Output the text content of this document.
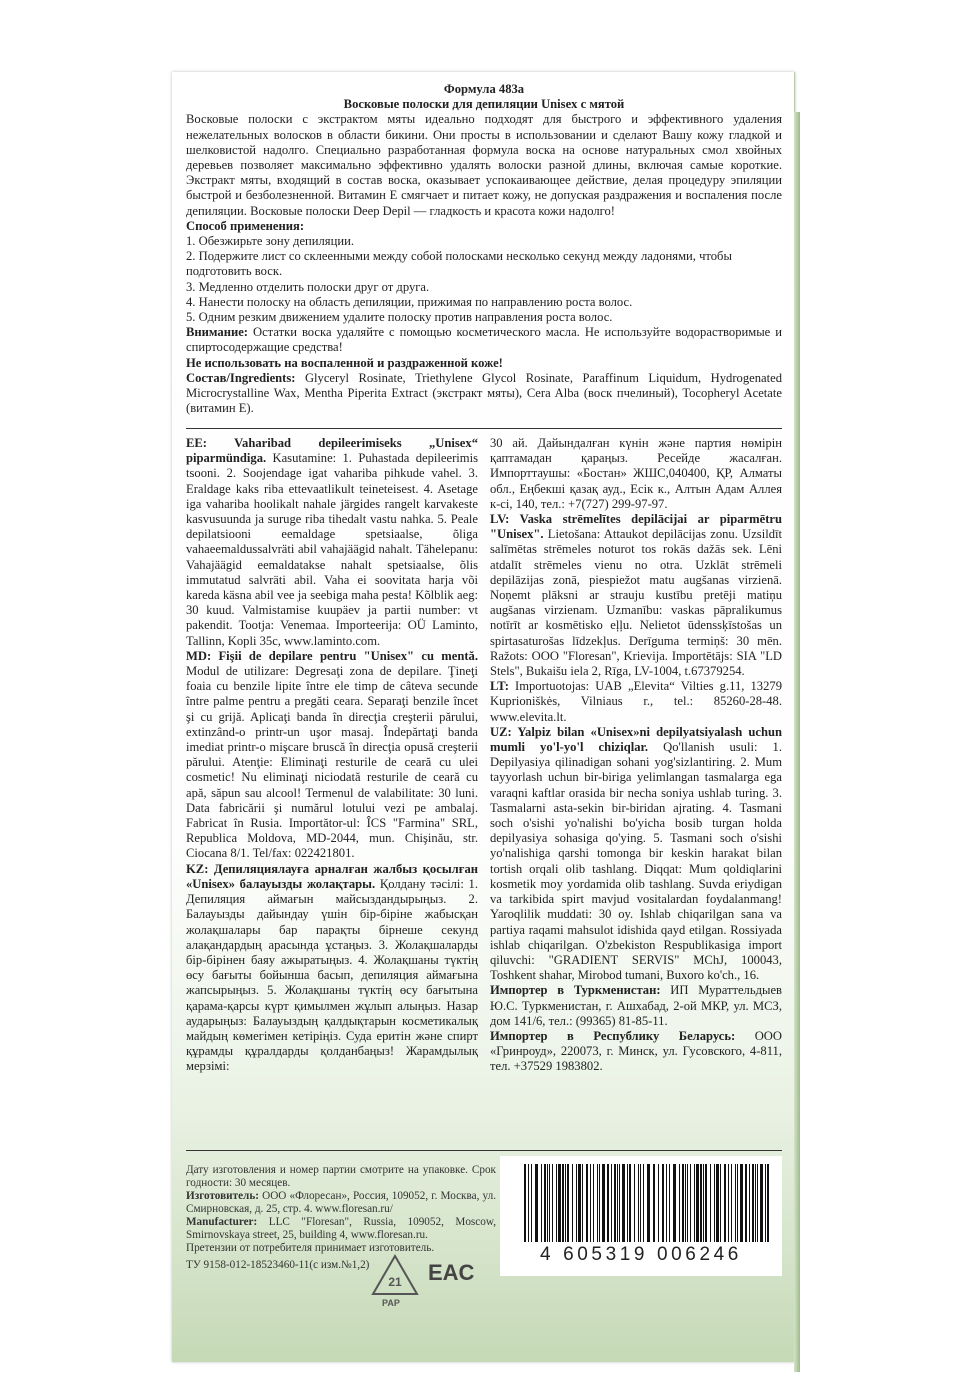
Формула 483а

Восковые полоски для депиляции Unisex с мятой

Восковые полоски с экстрактом мяты идеально подходят для быстрого и эффективного удаления нежелательных волосков в области бикини. Они просты в использовании и сделают Вашу кожу гладкой и шелковистой надолго. Специально разработанная формула воска на основе натуральных смол хвойных деревьев позволяет максимально эффективно удалять волоски разной длины, включая самые короткие. Экстракт мяты, входящий в состав воска, оказывает успокаивающее действие, делая процедуру эпиляции быстрой и безболезненной. Витамин Е смягчает и питает кожу, не допуская раздражения и воспаления после депиляции. Восковые полоски Deep Depil — гладкость и красота кожи надолго!

Способ применения:

1. Обезжирьте зону депиляции.

2. Подержите лист со склеенными между собой полосками несколько секунд между ладонями, чтобы подготовить воск.

3. Медленно отделить полоски друг от друга.

4. Нанести полоску на область депиляции, прижимая по направлению роста волос.

5. Одним резким движением удалите полоску против направления роста волос.

Внимание: Остатки воска удаляйте с помощью косметического масла. Не используйте водорастворимые и спиртосодержащие средства!

Не использовать на воспаленной и раздраженной коже!

Состав/Ingredients: Glyceryl Rosinate, Triethylene Glycol Rosinate, Paraffinum Liquidum, Hydrogenated Microcrystalline Wax, Mentha Piperita Extract (экстракт мяты), Cera Alba (воск пчелиный), Tocopheryl Acetate (витамин Е).

EE: Vaharibad depileerimiseks „Unisex“ piparmündiga. Kasutamine: 1. Puhastada depileerimis tsooni. 2. Soojendage igat vahariba pihkude vahel. 3. Eraldage kaks riba ettevaatlikult teineteisest. 4. Asetage iga vahariba hoolikalt nahale järgides rangelt karvakeste kasvusuunda ja suruge riba tihedalt vastu nahka. 5. Peale depilatsiooni eemaldage spetsiaalse, õliga vahaeemaldussalvräti abil vahajäägid nahalt. Tähelepanu: Vahajäägid eemaldatakse nahalt spetsiaalse, õlis immutatud salvräti abil. Vaha ei soovitata harja või kareda käsna abil vee ja seebiga maha pesta! Kõlblik aeg: 30 kuud. Valmistamise kuupäev ja partii number: vt pakendit. Tootja: Venemaa. Importeerija: OÜ Laminto, Tallinn, Kopli 35c, www.laminto.com.

MD: Fişii de depilare pentru "Unisex" cu mentă. Modul de utilizare: Degresaţi zona de depilare. Ţineţi foaia cu benzile lipite între ele timp de câteva secunde între palme pentru a pregăti ceara. Separaţi benzile încet şi cu grijă. Aplicaţi banda în direcţia creşterii părului, extinzând-o printr-un uşor masaj. Îndepărtaţi banda imediat printr-o mişcare bruscă în direcţia opusă creşterii părului. Atenţie: Eliminaţi resturile de ceară cu ulei cosmetic! Nu eliminaţi niciodată resturile de ceară cu apă, săpun sau alcool! Termenul de valabilitate: 30 luni. Data fabricării şi numărul lotului vezi pe ambalaj. Fabricat în Rusia. Importător-ul: ÎCS "Farmina" SRL, Republica Moldova, MD-2044, mun. Chişinău, str. Ciocana 8/1. Tel/fax: 022421801.

KZ: Депиляциялауға арналған жалбыз қосылған «Unisex» балауызды жолақтары. Қолдану тәсілі: 1. Депиляция аймағын майсыздандырыңыз. 2. Балауызды дайындау үшін бір-біріне жабысқан жолақшалары бар парақты бірнеше секунд алақандардың арасында ұстаңыз. 3. Жолақшаларды бір-бірінен баяу ажыратыңыз. 4. Жолақшаны түктің өсу бағыты бойынша басып, депиляция аймағына жапсырыңыз. 5. Жолақшаны түктің өсу бағытына қарама-қарсы күрт қимылмен жұлып алыңыз. Назар аударыңыз: Балауыздың қалдықтарын косметикалық майдың көмегімен кетіріңіз. Суда еритін және спирт құрамды құралдарды қолданбаңыз! Жарамдылық мерзімі:

30 ай. Дайындалған күнін және партия нөмірін қаптамадан қараңыз. Ресейде жасалған. Импорттаушы: «Бостан» ЖШС,040400, ҚР, Алматы обл., Еңбекші қазақ ауд., Есік к., Алтын Адам Аллея к-сі, 140, тел.: +7(727) 299-97-97.

LV: Vaska strēmelītes depilācijai ar piparmētru "Unisex". Lietošana: Attaukot depilācijas zonu. Uzsildīt salīmētas strēmeles noturot tos rokās dažās sek. Lēni atdalīt strēmeles vienu no otra. Uzklāt strēmeli depilāzijas zonā, piespiežot matu augšanas virzienā. Noņemt plāksni ar strauju kustību pretēji matiņu augšanas virzienam. Uzmanību: vaskas pāpralikumus notīrīt ar kosmētisko eļļu. Nelietot ūdenssķīstošas un spirtasaturošas līdzekļus. Derīguma termiņš: 30 mēn. Ražots: OOO "Floresan", Krievija. Importētājs: SIA "LD Stels", Bukaišu iela 2, Rīga, LV-1004, t.67379254.

LT: Importuotojas: UAB „Elevita“ Vilties g.11, 13279 Kuprioniškės, Vilniaus r., tel.: 85260-28-48. www.elevita.lt.

UZ: Yalpiz bilan «Unisex»ni depilyatsiyalash uchun mumli yo'l-yo'l chiziqlar. Qo'llanish usuli: 1. Depilyasiya qilinadigan sohani yog'sizlantiring. 2. Mum tayyorlash uchun bir-biriga yelimlangan tasmalarga ega varaqni kaftlar orasida bir necha soniya ushlab turing. 3. Tasmalarni asta-sekin bir-biridan ajrating. 4. Tasmani soch o'sishi yo'nalishi bo'yicha bosib turgan holda depilyasiya sohasiga qo'ying. 5. Tasmani soch o'sishi yo'nalishiga qarshi tomonga bir keskin harakat bilan tortish orqali olib tashlang. Diqqat: Mum qoldiqlarini kosmetik moy yordamida olib tashlang. Suvda eriydigan va tarkibida spirt mavjud vositalardan foydalanmang! Yaroqlilik muddati: 30 oy. Ishlab chiqarilgan sana va partiya raqami mahsulot idishida qayd etilgan. Rossiyada ishlab chiqarilgan. O'zbekiston Respublikasiga import qiluvchi: "GRADIENT SERVIS" MChJ, 100043, Toshkent shahar, Mirobod tumani, Buxoro ko'ch., 16.

Импортер в Туркменистан: ИП Мураттельдыев Ю.С. Туркменистан, г. Ашхабад, 2-ой МКР, ул. МСЗ, дом 141/6, тел.: (99365) 81-85-11.

Импортер в Республику Беларусь: ООО «Гринроуд», 220073, г. Минск, ул. Гусовского, 4-811, тел. +37529 1983802.

Дату изготовления и номер партии смотрите на упаковке. Срок годности: 30 месяцев.

Изготовитель: ООО «Флоресан», Россия, 109052, г. Москва, ул. Смирновская, д. 25, стр. 4. www.floresan.ru/

Manufacturer: LLC "Floresan", Russia, 109052, Moscow, Smirnovskaya street, 25, building 4, www.floresan.ru.

Претензии от потребителя принимает изготовитель.

ТУ 9158-012-18523460-11(с изм.№1,2)

21
PAP
EAC
4 605319 006246
